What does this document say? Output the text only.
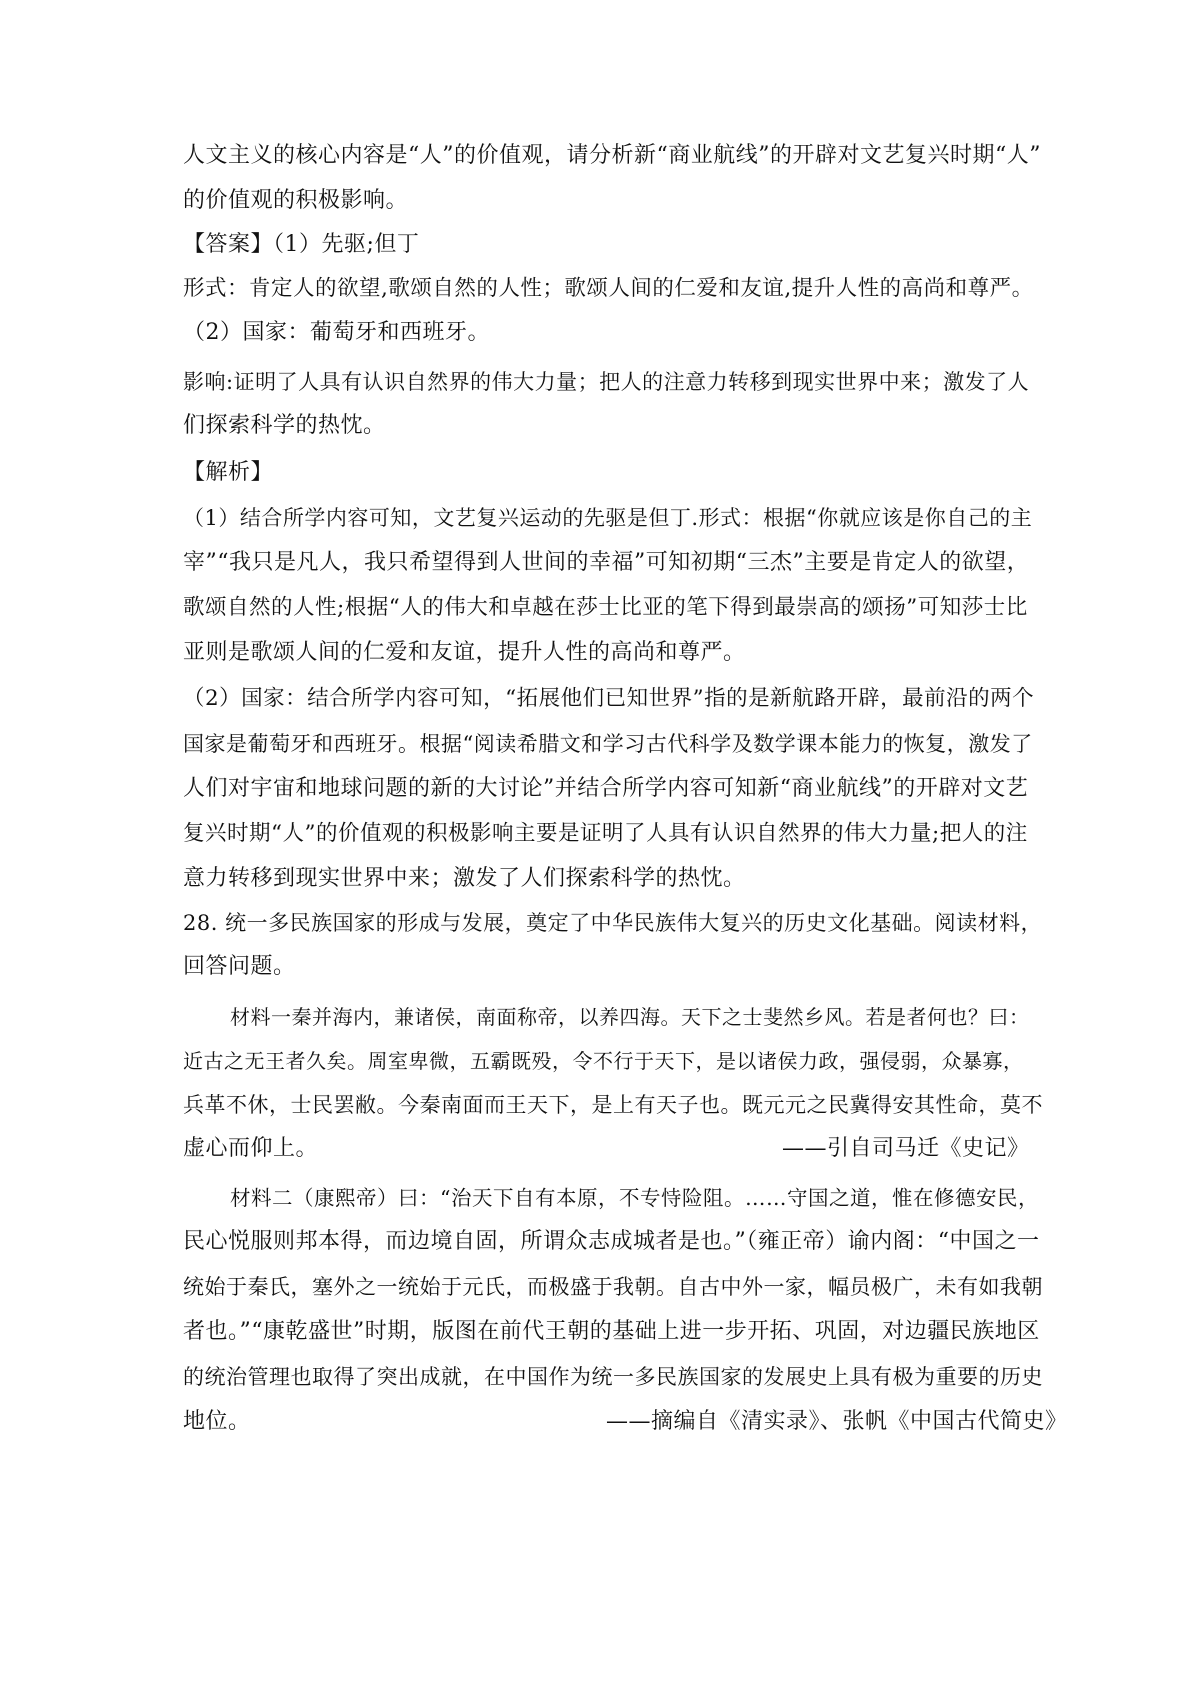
人文主义的核心内容是“人”的价值观，请分析新“商业航线”的开辟对文艺复兴时期“人”
的价值观的积极影响。
【答案】（1）先驱;但丁
形式：肯定人的欲望,歌颂自然的人性；歌颂人间的仁爱和友谊,提升人性的高尚和尊严。
（2）国家：葡萄牙和西班牙。
影响:证明了人具有认识自然界的伟大力量；把人的注意力转移到现实世界中来；激发了人
们探索科学的热忱。
【解析】
（1）结合所学内容可知，文艺复兴运动的先驱是但丁.形式：根据“你就应该是你自己的主
宰”“我只是凡人，我只希望得到人世间的幸福”可知初期“三杰”主要是肯定人的欲望，
歌颂自然的人性;根据“人的伟大和卓越在莎士比亚的笔下得到最崇高的颂扬”可知莎士比
亚则是歌颂人间的仁爱和友谊，提升人性的高尚和尊严。
（2）国家：结合所学内容可知，“拓展他们已知世界”指的是新航路开辟，最前沿的两个
国家是葡萄牙和西班牙。根据“阅读希腊文和学习古代科学及数学课本能力的恢复，激发了
人们对宇宙和地球问题的新的大讨论”并结合所学内容可知新“商业航线”的开辟对文艺
复兴时期“人”的价值观的积极影响主要是证明了人具有认识自然界的伟大力量;把人的注
意力转移到现实世界中来；激发了人们探索科学的热忱。
28. 统一多民族国家的形成与发展，奠定了中华民族伟大复兴的历史文化基础。阅读材料，
回答问题。
材料一秦并海内，兼诸侯，南面称帝，以养四海。天下之士斐然乡风。若是者何也？曰：
近古之无王者久矣。周室卑微，五霸既殁，令不行于天下，是以诸侯力政，强侵弱，众暴寡，
兵革不休，士民罢敝。今秦南面而王天下，是上有天子也。既元元之民冀得安其性命，莫不
虚心而仰上。	——引自司马迁《史记》
材料二（康熙帝）曰：“治天下自有本原，不专恃险阻。……守国之道，惟在修德安民，
民心悦服则邦本得，而边境自固，所谓众志成城者是也。”（雍正帝）谕内阁：“中国之一
统始于秦氏，塞外之一统始于元氏，而极盛于我朝。自古中外一家，幅员极广，未有如我朝
者也。”“康乾盛世”时期，版图在前代王朝的基础上进一步开拓、巩固，对边疆民族地区
的统治管理也取得了突出成就，在中国作为统一多民族国家的发展史上具有极为重要的历史
地位。	——摘编自《清实录》、张帆《中国古代简史》
